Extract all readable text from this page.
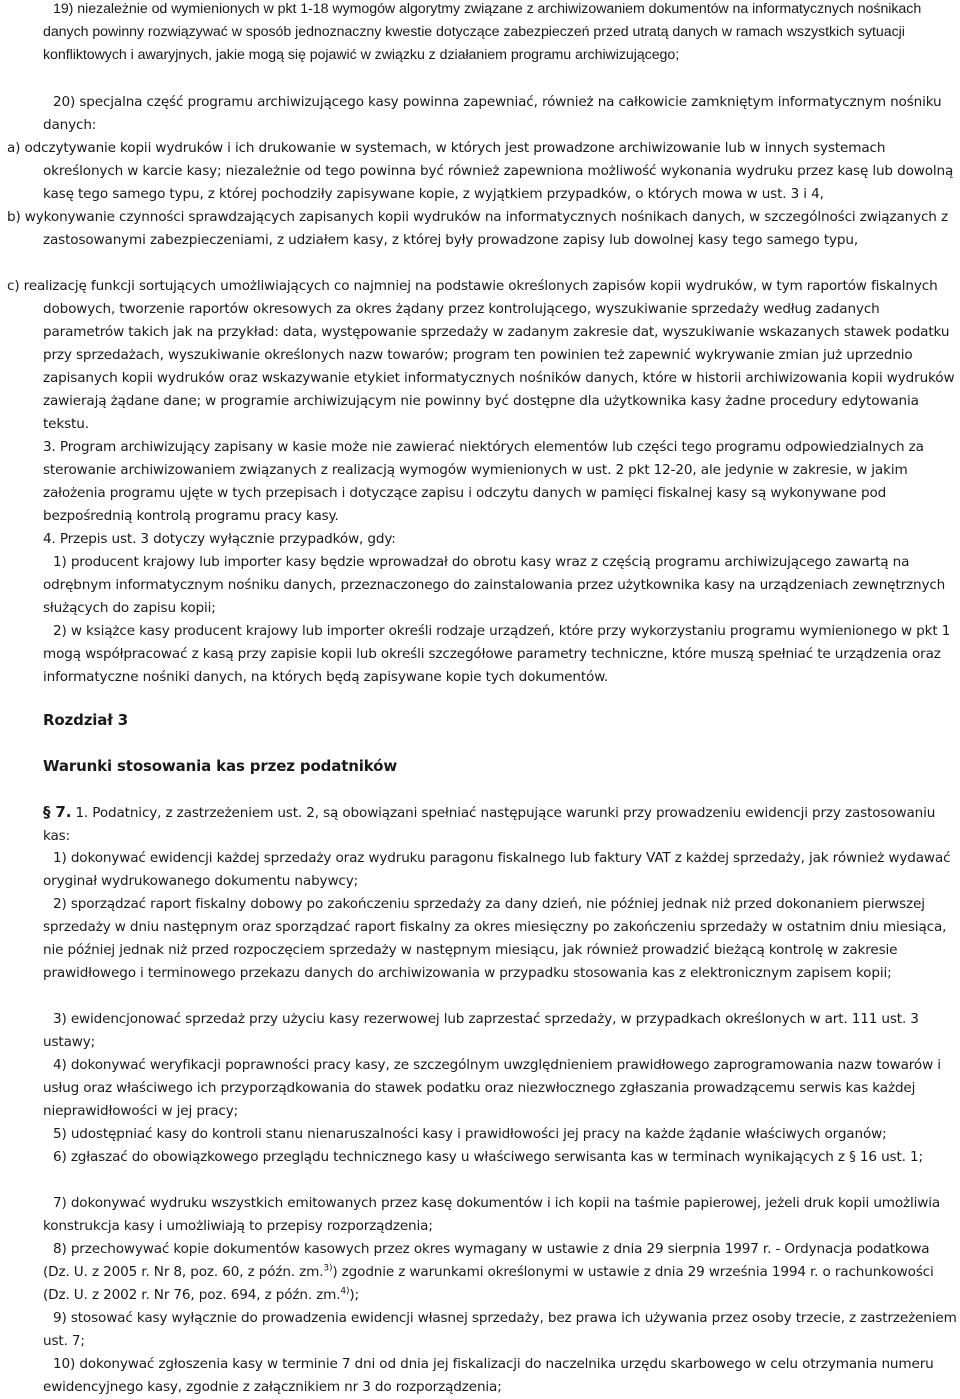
19) niezależnie od wymienionych w pkt 1-18 wymogów algorytmy związane z archiwizowaniem dokumentów na informatycznych nośnikach danych powinny rozwiązywać w sposób jednoznaczny kwestie dotyczące zabezpieczeń przed utratą danych w ramach wszystkich sytuacji konfliktowych i awaryjnych, jakie mogą się pojawić w związku z działaniem programu archiwizującego;

20) specjalna część programu archiwizującego kasy powinna zapewniać, również na całkowicie zamkniętym informatycznym nośniku danych:

a) odczytywanie kopii wydruków i ich drukowanie w systemach, w których jest prowadzone archiwizowanie lub w innych systemach określonych w karcie kasy; niezależnie od tego powinna być również zapewniona możliwość wykonania wydruku przez kasę lub dowolną kasę tego samego typu, z której pochodziły zapisywane kopie, z wyjątkiem przypadków, o których mowa w ust. 3 i 4,

b) wykonywanie czynności sprawdzających zapisanych kopii wydruków na informatycznych nośnikach danych, w szczególności związanych z zastosowanymi zabezpieczeniami, z udziałem kasy, z której były prowadzone zapisy lub dowolnej kasy tego samego typu,

c) realizację funkcji sortujących umożliwiających co najmniej na podstawie określonych zapisów kopii wydruków, w tym raportów fiskalnych dobowych, tworzenie raportów okresowych za okres żądany przez kontrolującego, wyszukiwanie sprzedaży według zadanych parametrów takich jak na przykład: data, występowanie sprzedaży w zadanym zakresie dat, wyszukiwanie wskazanych stawek podatku przy sprzedażach, wyszukiwanie określonych nazw towarów; program ten powinien też zapewnić wykrywanie zmian już uprzednio zapisanych kopii wydruków oraz wskazywanie etykiet informatycznych nośników danych, które w historii archiwizowania kopii wydruków zawierają żądane dane; w programie archiwizującym nie powinny być dostępne dla użytkownika kasy żadne procedury edytowania tekstu.

3. Program archiwizujący zapisany w kasie może nie zawierać niektórych elementów lub części tego programu odpowiedzialnych za sterowanie archiwizowaniem związanych z realizacją wymogów wymienionych w ust. 2 pkt 12-20, ale jedynie w zakresie, w jakim założenia programu ujęte w tych przepisach i dotyczące zapisu i odczytu danych w pamięci fiskalnej kasy są wykonywane pod bezpośrednią kontrolą programu pracy kasy.

4. Przepis ust. 3 dotyczy wyłącznie przypadków, gdy:

1) producent krajowy lub importer kasy będzie wprowadzał do obrotu kasy wraz z częścią programu archiwizującego zawartą na odrębnym informatycznym nośniku danych, przeznaczonego do zainstalowania przez użytkownika kasy na urządzeniach zewnętrznych służących do zapisu kopii;

2) w książce kasy producent krajowy lub importer określi rodzaje urządzeń, które przy wykorzystaniu programu wymienionego w pkt 1 mogą współpracować z kasą przy zapisie kopii lub określi szczegółowe parametry techniczne, które muszą spełniać te urządzenia oraz informatyczne nośniki danych, na których będą zapisywane kopie tych dokumentów.

Rozdział 3

Warunki stosowania kas przez podatników

§ 7. 1. Podatnicy, z zastrzeżeniem ust. 2, są obowiązani spełniać następujące warunki przy prowadzeniu ewidencji przy zastosowaniu kas:

1) dokonywać ewidencji każdej sprzedaży oraz wydruku paragonu fiskalnego lub faktury VAT z każdej sprzedaży, jak również wydawać oryginał wydrukowanego dokumentu nabywcy;

2) sporządzać raport fiskalny dobowy po zakończeniu sprzedaży za dany dzień, nie później jednak niż przed dokonaniem pierwszej sprzedaży w dniu następnym oraz sporządzać raport fiskalny za okres miesięczny po zakończeniu sprzedaży w ostatnim dniu miesiąca, nie później jednak niż przed rozpoczęciem sprzedaży w następnym miesiącu, jak również prowadzić bieżącą kontrolę w zakresie prawidłowego i terminowego przekazu danych do archiwizowania w przypadku stosowania kas z elektronicznym zapisem kopii;

3) ewidencjonować sprzedaż przy użyciu kasy rezerwowej lub zaprzestać sprzedaży, w przypadkach określonych w art. 111 ust. 3 ustawy;

4) dokonywać weryfikacji poprawności pracy kasy, ze szczególnym uwzględnieniem prawidłowego zaprogramowania nazw towarów i usług oraz właściwego ich przyporządkowania do stawek podatku oraz niezwłocznego zgłaszania prowadzącemu serwis kas każdej nieprawidłowości w jej pracy;

5) udostępniać kasy do kontroli stanu nienaruszalności kasy i prawidłowości jej pracy na każde żądanie właściwych organów;

6) zgłaszać do obowiązkowego przeglądu technicznego kasy u właściwego serwisanta kas w terminach wynikających z § 16 ust. 1;

7) dokonywać wydruku wszystkich emitowanych przez kasę dokumentów i ich kopii na taśmie papierowej, jeżeli druk kopii umożliwia konstrukcja kasy i umożliwiają to przepisy rozporządzenia;

8) przechowywać kopie dokumentów kasowych przez okres wymagany w ustawie z dnia 29 sierpnia 1997 r. - Ordynacja podatkowa (Dz. U. z 2005 r. Nr 8, poz. 60, z późn. zm.$^{3)}$) zgodnie z warunkami określonymi w ustawie z dnia 29 września 1994 r. o rachunkowości (Dz. U. z 2002 r. Nr 76, poz. 694, z późn. zm.$^{4)}$);

9) stosować kasy wyłącznie do prowadzenia ewidencji własnej sprzedaży, bez prawa ich używania przez osoby trzecie, z zastrzeżeniem ust. 7;

10) dokonywać zgłoszenia kasy w terminie 7 dni od dnia jej fiskalizacji do naczelnika urzędu skarbowego w celu otrzymania numeru ewidencyjnego kasy, zgodnie z załącznikiem nr 3 do rozporządzenia;
